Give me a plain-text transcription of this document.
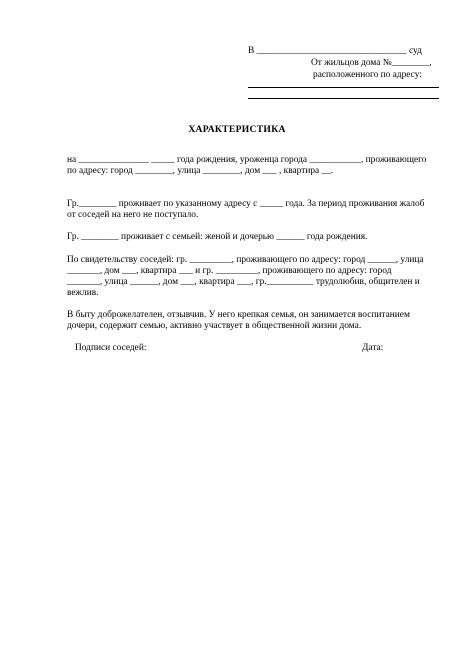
В ________________________________ суд
От жильцов дома №________,
расположенного по адресу:
ХАРАКТЕРИСТИКА
на _______________ _____ года рождения, уроженца города ___________, проживающего
по адресу: город ________, улица ________, дом ___ , квартира __.
Гр.________ проживает по указанному адресу с _____ года. За период проживания жалоб
от соседей на него не поступало.
Гр. ________ проживает с семьей: женой и дочерью ______ года рождения.
По свидетельству соседей: гр. _________, проживающего по адресу: город ______, улица
_______, дом ___, квартира ___ и гр. _________, проживающего по адресу: город
_______, улица ______, дом ___, квартира ___, гр.__________ трудолюбив, общителен и
вежлив.
В быту доброжелателен, отзывчив. У него крепкая семья, он занимается воспитанием
дочери, содержит семью, активно участвует в общественной жизни дома.
Подписи соседей:	Дата:
